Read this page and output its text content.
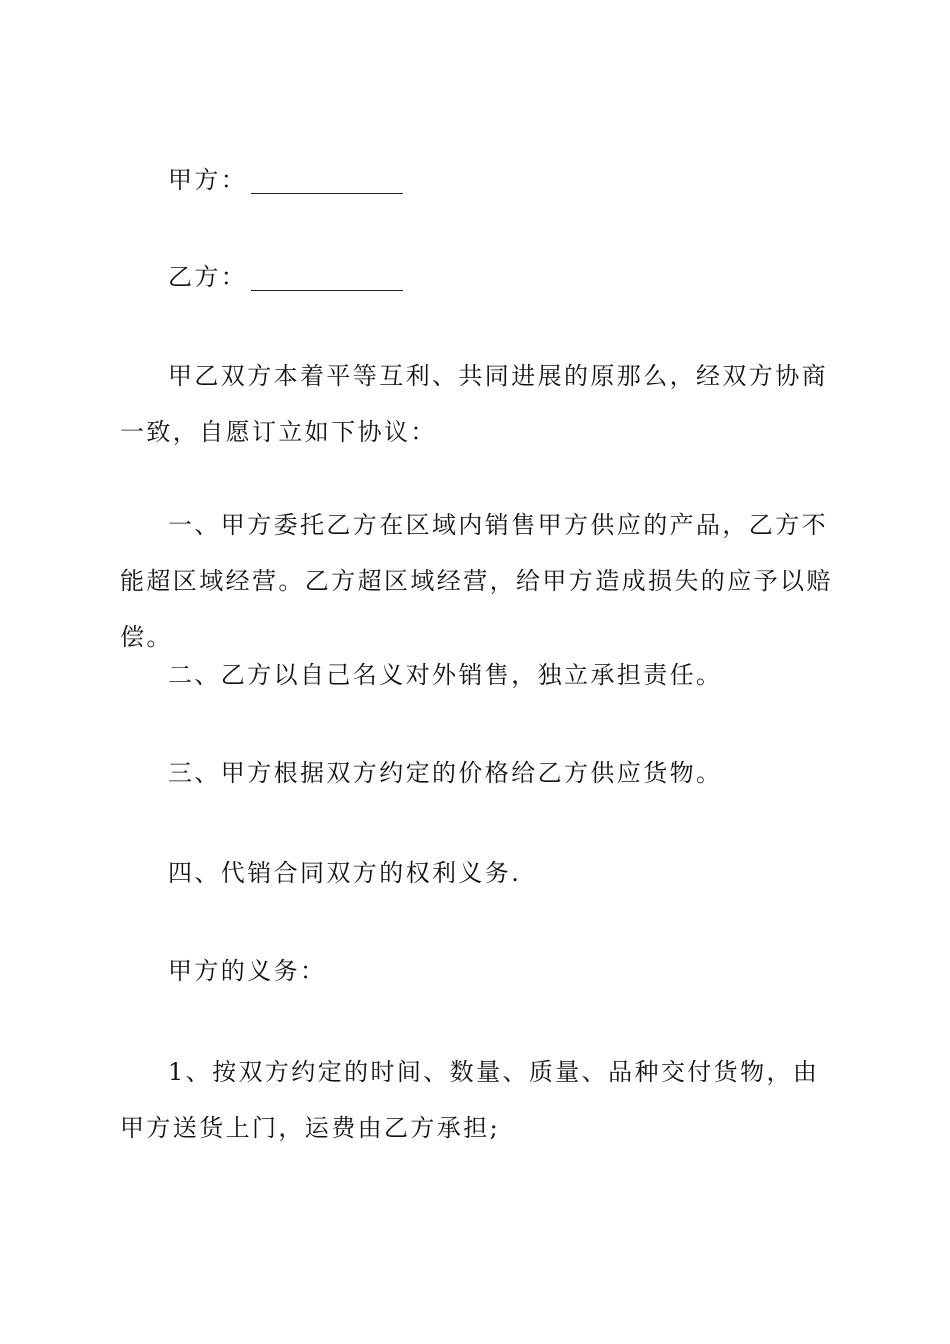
甲方：

乙方：

甲乙双方本着平等互利、共同进展的原那么，经双方协商一致，自愿订立如下协议：

一、甲方委托乙方在区域内销售甲方供应的产品，乙方不能超区域经营。乙方超区域经营，给甲方造成损失的应予以赔偿。

二、乙方以自己名义对外销售，独立承担责任。

三、甲方根据双方约定的价格给乙方供应货物。

四、代销合同双方的权利义务.

甲方的义务：

1、按双方约定的时间、数量、质量、品种交付货物，由甲方送货上门，运费由乙方承担;
